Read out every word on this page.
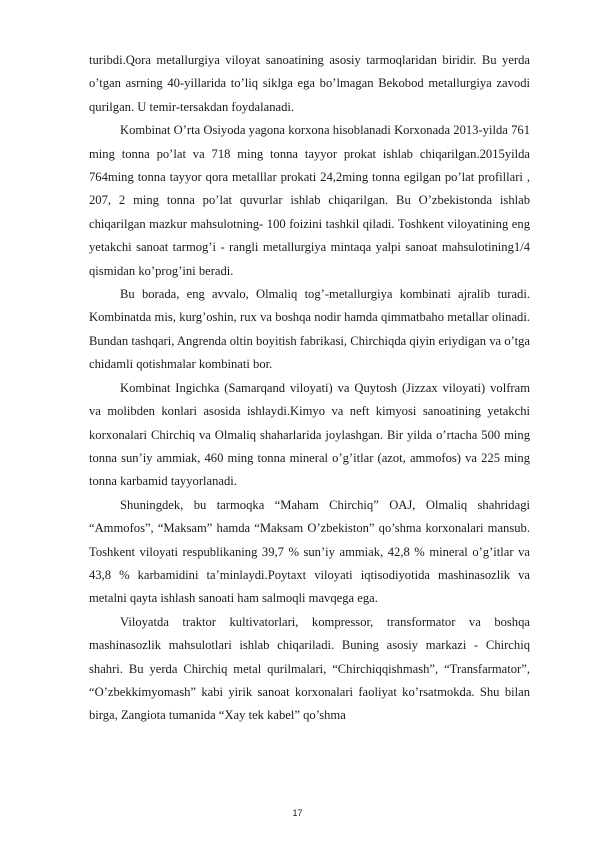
turibdi.Qora metallurgiya viloyat sanoatining asosiy tarmoqlaridan biridir. Bu yerda o’tgan asrning 40-yillarida to’liq siklga ega bo’lmagan Bekobod metallurgiya zavodi qurilgan. U temir-tersakdan foydalanadi.

Kombinat O’rta Osiyoda yagona korxona hisoblanadi Korxonada 2013-yilda 761 ming tonna po’lat va 718 ming tonna tayyor prokat ishlab chiqarilgan.2015yilda 764ming tonna tayyor qora metalllar prokati 24,2ming tonna egilgan po’lat profillari , 207, 2 ming tonna po’lat quvurlar ishlab chiqarilgan. Bu O’zbekistonda ishlab chiqarilgan mazkur mahsulotning- 100 foizini tashkil qiladi. Toshkent viloyatining eng yetakchi sanoat tarmog’i - rangli metallurgiya mintaqa yalpi sanoat mahsulotining1/4 qismidan ko’prog’ini beradi.

Bu borada, eng avvalo, Olmaliq tog’-metallurgiya kombinati ajralib turadi. Kombinatda mis, kurg’oshin, rux va boshqa nodir hamda qimmatbaho metallar olinadi. Bundan tashqari, Angrenda oltin boyitish fabrikasi, Chirchiqda qiyin eriydigan va o’tga chidamli qotishmalar kombinati bor.

Kombinat Ingichka (Samarqand viloyati) va Quytosh (Jizzax viloyati) volfram va molibden konlari asosida ishlaydi.Kimyo va neft kimyosi sanoatining yetakchi korxonalari Chirchiq va Olmaliq shaharlarida joylashgan. Bir yilda o’rtacha 500 ming tonna sun’iy ammiak, 460 ming tonna mineral o’g’itlar (azot, ammofos) va 225 ming tonna karbamid tayyorlanadi.

Shuningdek, bu tarmoqka “Maham Chirchiq” OAJ, Olmaliq shahridagi “Ammofos”, “Maksam” hamda “Maksam O’zbekiston” qo’shma korxonalari mansub. Toshkent viloyati respublikaning 39,7 % sun’iy ammiak, 42,8 % mineral o’g’itlar va 43,8 % karbamidini ta’minlaydi.Poytaxt viloyati iqtisodiyotida mashinasozlik va metalni qayta ishlash sanoati ham salmoqli mavqega ega.

Viloyatda traktor kultivatorlari, kompressor, transformator va boshqa mashinasozlik mahsulotlari ishlab chiqariladi. Buning asosiy markazi - Chirchiq shahri. Bu yerda Chirchiq metal qurilmalari, “Chirchiqqishmash”, “Transfarmator”, “O’zbekkimyomash” kabi yirik sanoat korxonalari faoliyat ko’rsatmokda. Shu bilan birga, Zangiota tumanida “Xay tek kabel” qo’shma

17
